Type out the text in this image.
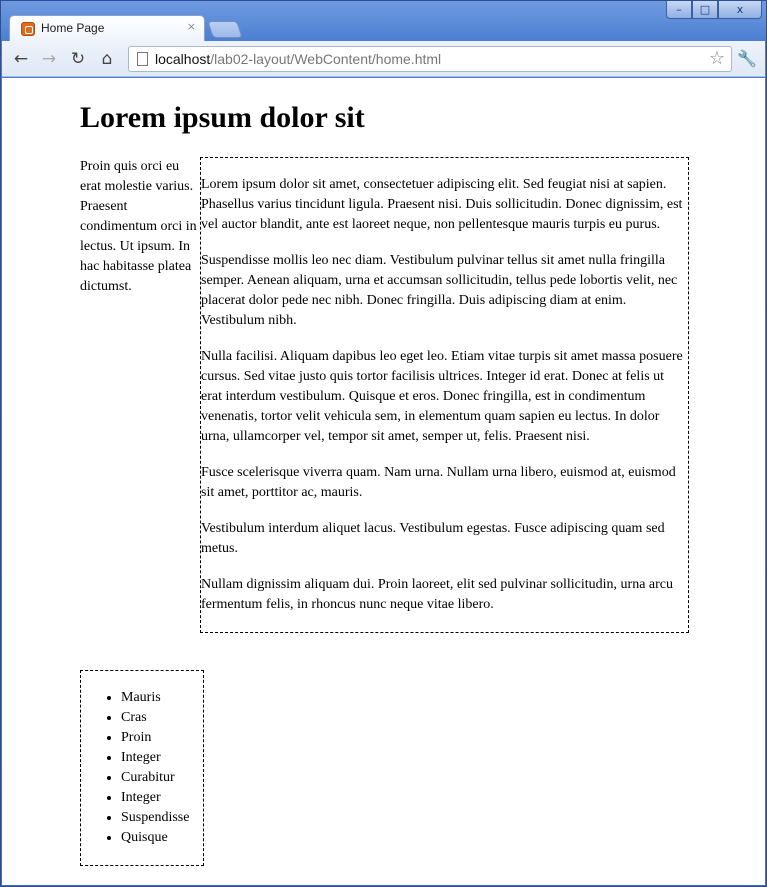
Home Page	×
–	□	x
← → ↻ ⌂	localhost/lab02-layout/WebContent/home.html	☆ 🔧
Lorem ipsum dolor sit
Proin quis orci eu erat molestie varius. Praesent condimentum orci in lectus. Ut ipsum. In hac habitasse platea dictumst.

Lorem ipsum dolor sit amet, consectetuer adipiscing elit. Sed feugiat nisi at sapien. Phasellus varius tincidunt ligula. Praesent nisi. Duis sollicitudin. Donec dignissim, est vel auctor blandit, ante est laoreet neque, non pellentesque mauris turpis eu purus.

Suspendisse mollis leo nec diam. Vestibulum pulvinar tellus sit amet nulla fringilla semper. Aenean aliquam, urna et accumsan sollicitudin, tellus pede lobortis velit, nec placerat dolor pede nec nibh. Donec fringilla. Duis adipiscing diam at enim. Vestibulum nibh.

Nulla facilisi. Aliquam dapibus leo eget leo. Etiam vitae turpis sit amet massa posuere cursus. Sed vitae justo quis tortor facilisis ultrices. Integer id erat. Donec at felis ut erat interdum vestibulum. Quisque et eros. Donec fringilla, est in condimentum venenatis, tortor velit vehicula sem, in elementum quam sapien eu lectus. In dolor urna, ullamcorper vel, tempor sit amet, semper ut, felis. Praesent nisi.

Fusce scelerisque viverra quam. Nam urna. Nullam urna libero, euismod at, euismod sit amet, porttitor ac, mauris.

Vestibulum interdum aliquet lacus. Vestibulum egestas. Fusce adipiscing quam sed metus.

Nullam dignissim aliquam dui. Proin laoreet, elit sed pulvinar sollicitudin, urna arcu fermentum felis, in rhoncus nunc neque vitae libero.

• Mauris
• Cras
• Proin
• Integer
• Curabitur
• Integer
• Suspendisse
• Quisque
